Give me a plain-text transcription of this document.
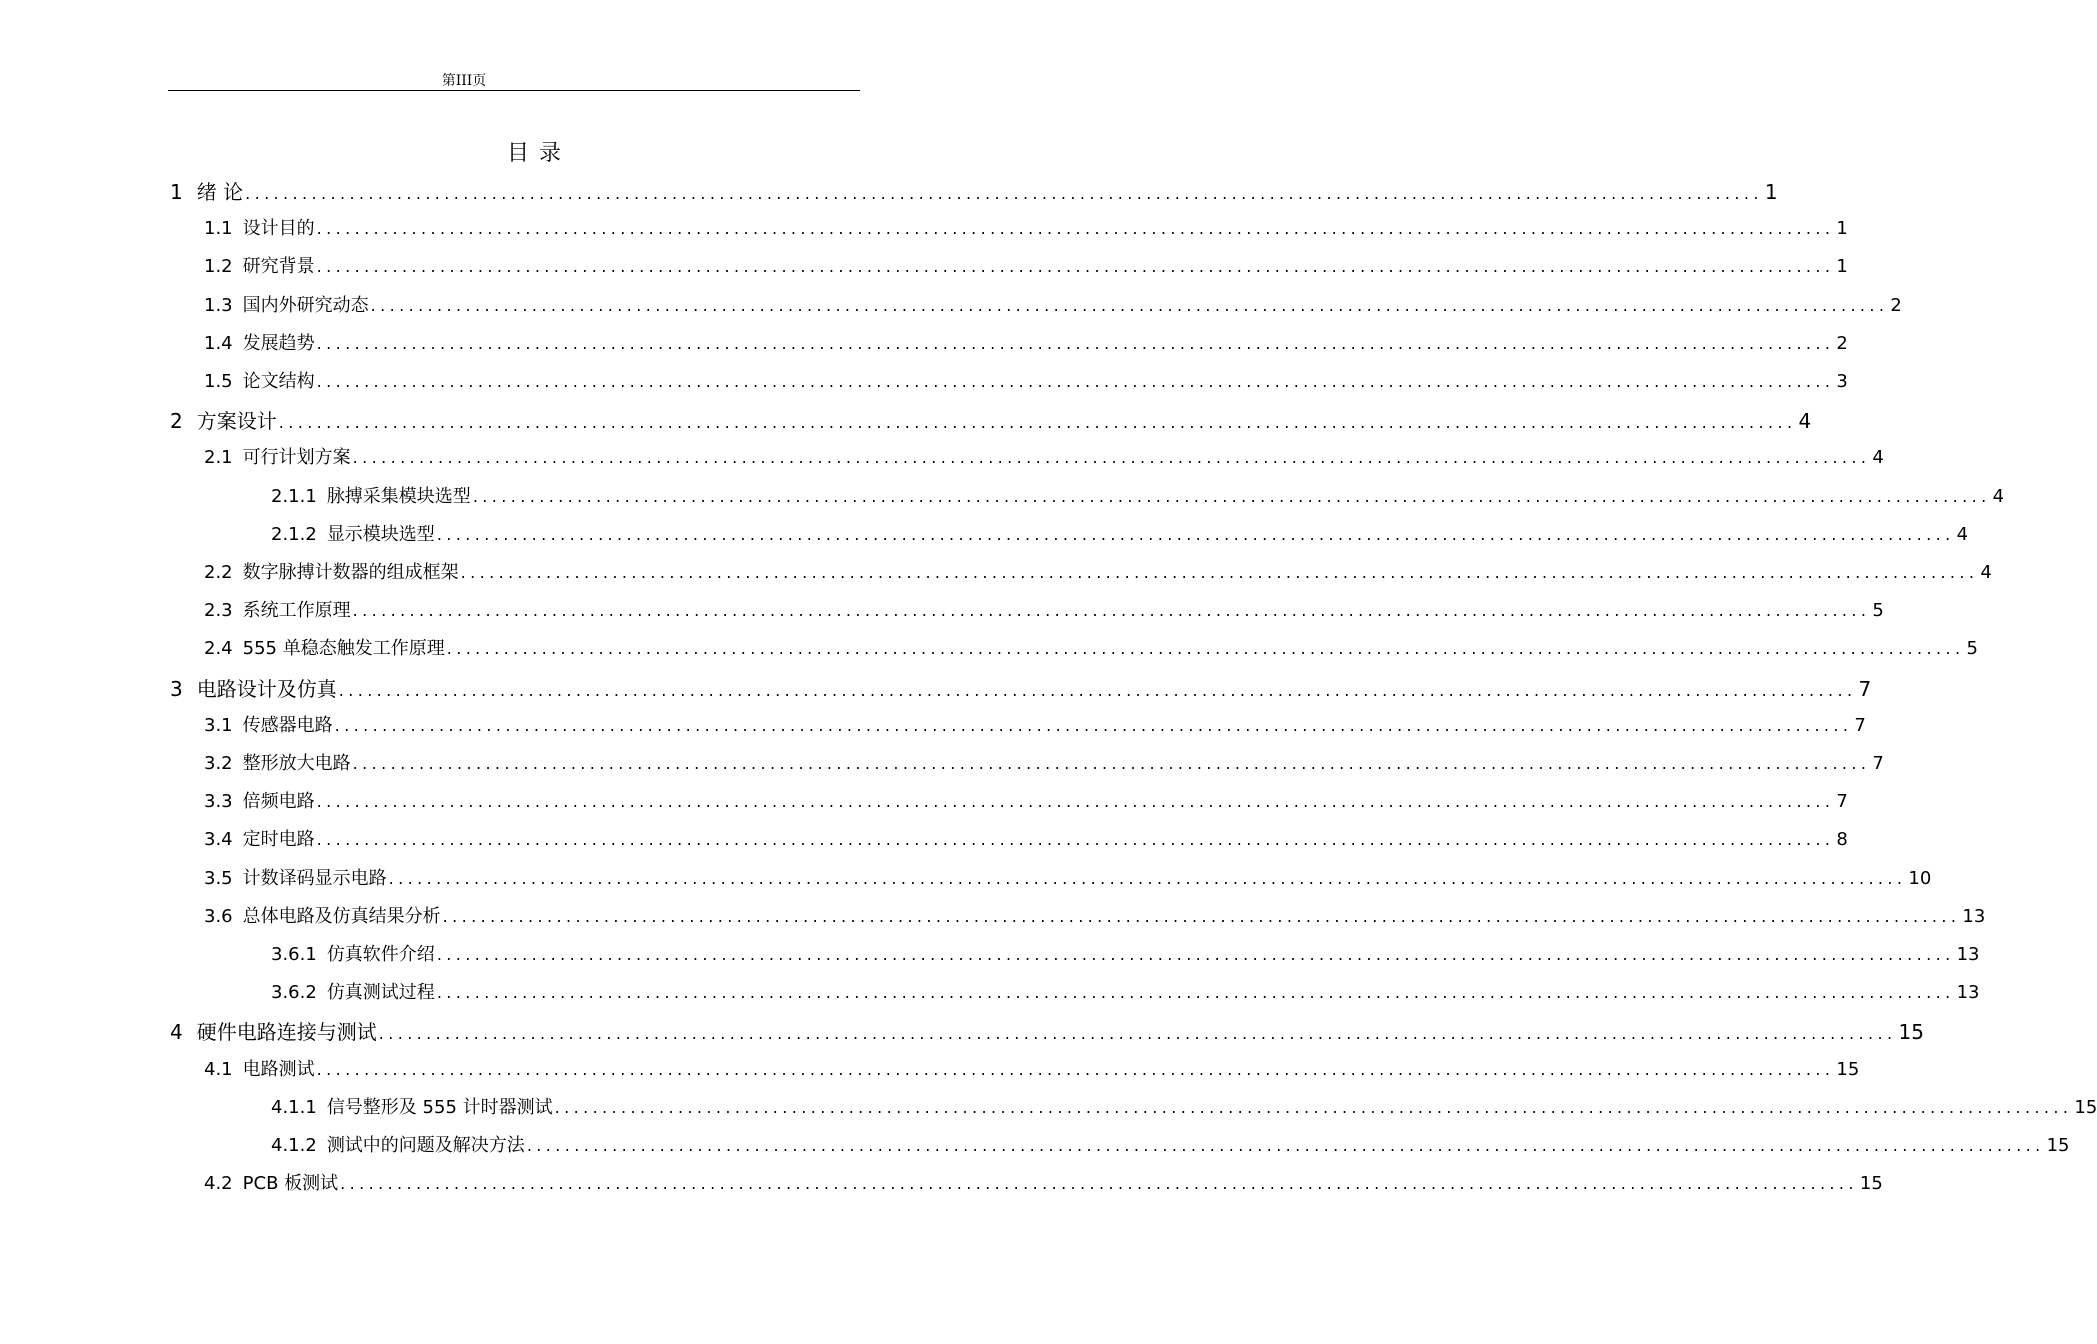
第III页
目录
1 绪 论 ................................................................................................................................................................ 1
1.1 设计目的 ................................................................................................................................................................ 1
1.2 研究背景 ................................................................................................................................................................ 1
1.3 国内外研究动态 ................................................................................................................................................................ 2
1.4 发展趋势 ................................................................................................................................................................ 2
1.5 论文结构 ................................................................................................................................................................ 3
2 方案设计 ................................................................................................................................................................ 4
2.1 可行计划方案 ................................................................................................................................................................ 4
2.1.1 脉搏采集模块选型 ................................................................................................................................................................ 4
2.1.2 显示模块选型 ................................................................................................................................................................ 4
2.2 数字脉搏计数器的组成框架 ................................................................................................................................................................ 4
2.3 系统工作原理 ................................................................................................................................................................ 5
2.4 555 单稳态触发工作原理 ................................................................................................................................................................ 5
3 电路设计及仿真 ................................................................................................................................................................ 7
3.1 传感器电路 ................................................................................................................................................................ 7
3.2 整形放大电路 ................................................................................................................................................................ 7
3.3 倍频电路 ................................................................................................................................................................ 7
3.4 定时电路 ................................................................................................................................................................ 8
3.5 计数译码显示电路 ................................................................................................................................................................ 10
3.6 总体电路及仿真结果分析 ................................................................................................................................................................ 13
3.6.1 仿真软件介绍 ................................................................................................................................................................ 13
3.6.2 仿真测试过程 ................................................................................................................................................................ 13
4 硬件电路连接与测试 ................................................................................................................................................................ 15
4.1 电路测试 ................................................................................................................................................................ 15
4.1.1 信号整形及 555 计时器测试 ................................................................................................................................................................ 15
4.1.2 测试中的问题及解决方法 ................................................................................................................................................................ 15
4.2 PCB 板测试 ................................................................................................................................................................ 15
